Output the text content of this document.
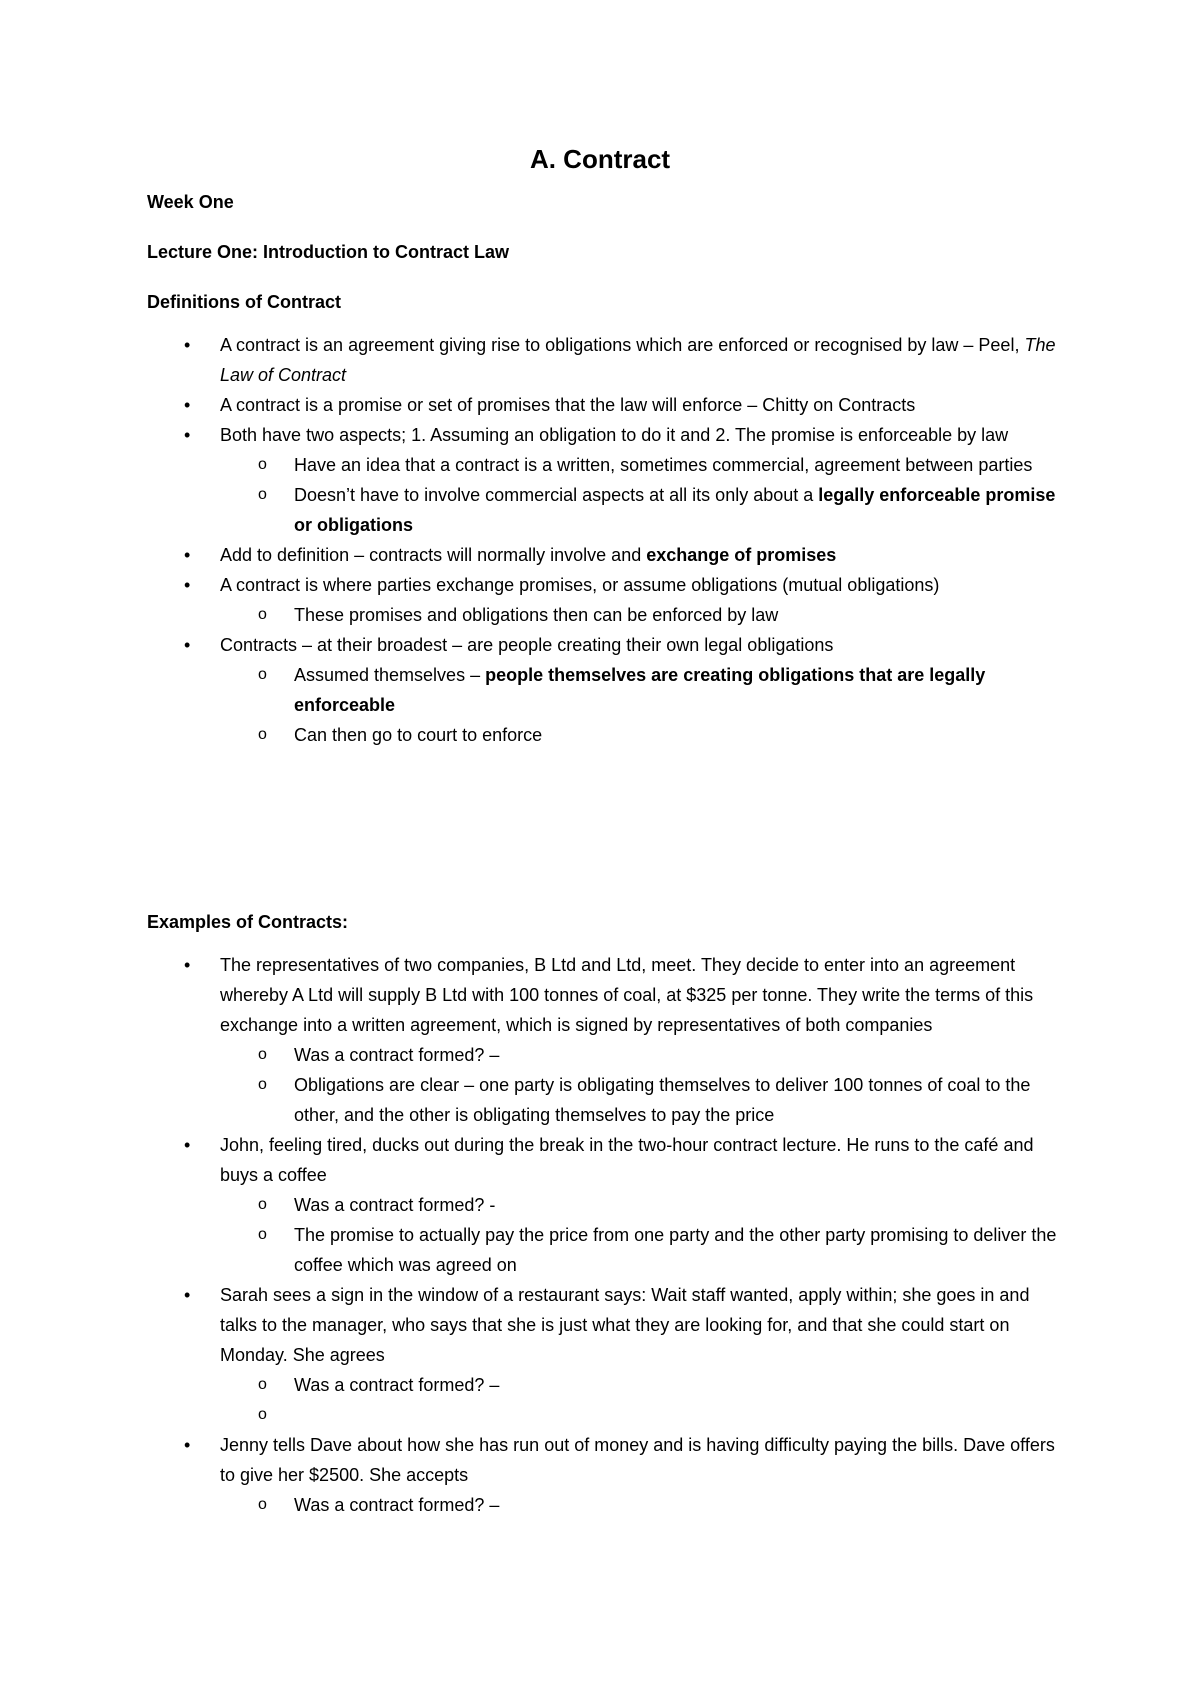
A. Contract
Week One
Lecture One: Introduction to Contract Law
Definitions of Contract
• A contract is an agreement giving rise to obligations which are enforced or recognised by law – Peel, The Law of Contract
• A contract is a promise or set of promises that the law will enforce – Chitty on Contracts
• Both have two aspects; 1. Assuming an obligation to do it and 2. The promise is enforceable by law
o Have an idea that a contract is a written, sometimes commercial, agreement between parties
o Doesn’t have to involve commercial aspects at all its only about a legally enforceable promise or obligations
• Add to definition – contracts will normally involve and exchange of promises
• A contract is where parties exchange promises, or assume obligations (mutual obligations)
o These promises and obligations then can be enforced by law
• Contracts – at their broadest – are people creating their own legal obligations
o Assumed themselves – people themselves are creating obligations that are legally enforceable
o Can then go to court to enforce
Examples of Contracts:
• The representatives of two companies, B Ltd and Ltd, meet. They decide to enter into an agreement whereby A Ltd will supply B Ltd with 100 tonnes of coal, at $325 per tonne. They write the terms of this exchange into a written agreement, which is signed by representatives of both companies
o Was a contract formed? –
o Obligations are clear – one party is obligating themselves to deliver 100 tonnes of coal to the other, and the other is obligating themselves to pay the price
• John, feeling tired, ducks out during the break in the two-hour contract lecture. He runs to the café and buys a coffee
o Was a contract formed? -
o The promise to actually pay the price from one party and the other party promising to deliver the coffee which was agreed on
• Sarah sees a sign in the window of a restaurant says: Wait staff wanted, apply within; she goes in and talks to the manager, who says that she is just what they are looking for, and that she could start on Monday. She agrees
o Was a contract formed? –
o
• Jenny tells Dave about how she has run out of money and is having difficulty paying the bills. Dave offers to give her $2500. She accepts
o Was a contract formed? –
